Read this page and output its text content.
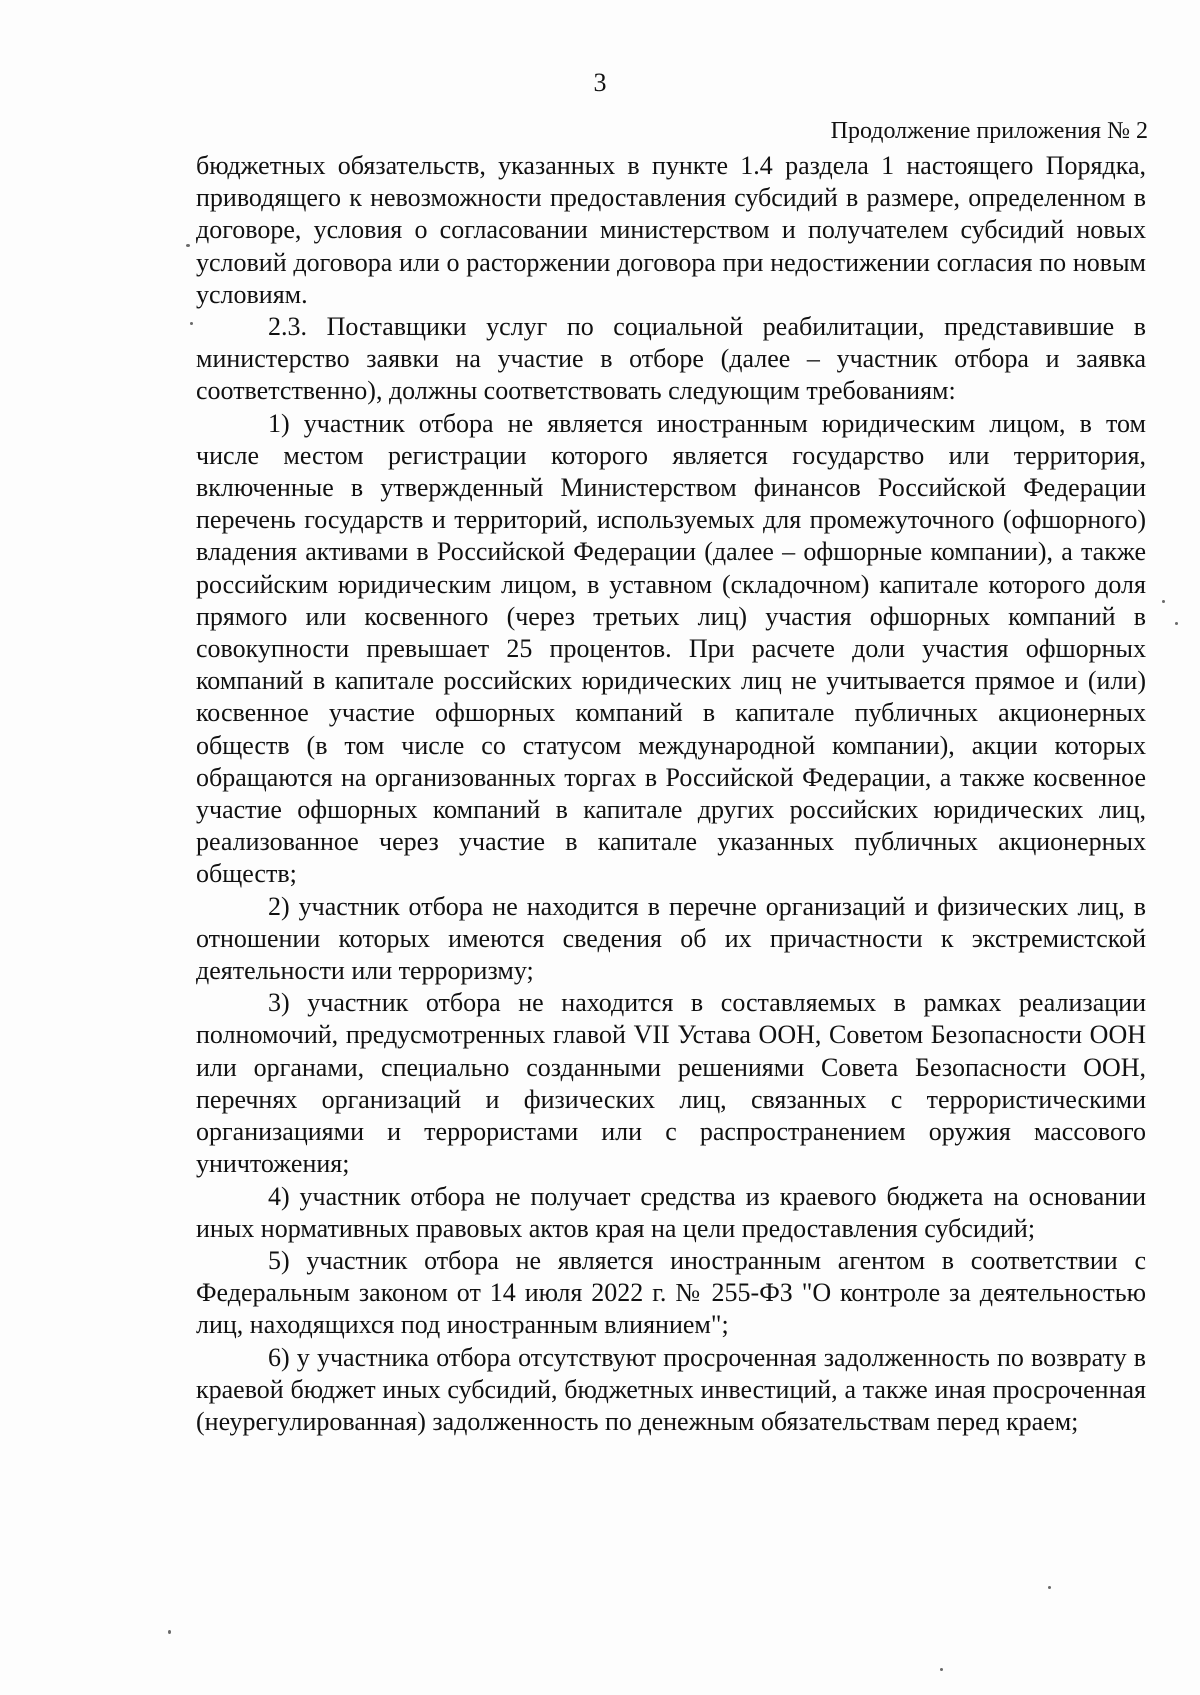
3
Продолжение приложения № 2

бюджетных обязательств, указанных в пункте 1.4 раздела 1 настоящего Порядка, приводящего к невозможности предоставления субсидий в размере, определенном в договоре, условия о согласовании министерством и получателем субсидий новых условий договора или о расторжении договора при недостижении согласия по новым условиям.

2.3. Поставщики услуг по социальной реабилитации, представившие в министерство заявки на участие в отборе (далее – участник отбора и заявка соответственно), должны соответствовать следующим требованиям:

1) участник отбора не является иностранным юридическим лицом, в том числе местом регистрации которого является государство или территория, включенные в утвержденный Министерством финансов Российской Федерации перечень государств и территорий, используемых для промежуточного (офшорного) владения активами в Российской Федерации (далее – офшорные компании), а также российским юридическим лицом, в уставном (складочном) капитале которого доля прямого или косвенного (через третьих лиц) участия офшорных компаний в совокупности превышает 25 процентов. При расчете доли участия офшорных компаний в капитале российских юридических лиц не учитывается прямое и (или) косвенное участие офшорных компаний в капитале публичных акционерных обществ (в том числе со статусом международной компании), акции которых обращаются на организованных торгах в Российской Федерации, а также косвенное участие офшорных компаний в капитале других российских юридических лиц, реализованное через участие в капитале указанных публичных акционерных обществ;

2) участник отбора не находится в перечне организаций и физических лиц, в отношении которых имеются сведения об их причастности к экстремистской деятельности или терроризму;

3) участник отбора не находится в составляемых в рамках реализации полномочий, предусмотренных главой VII Устава ООН, Советом Безопасности ООН или органами, специально созданными решениями Совета Безопасности ООН, перечнях организаций и физических лиц, связанных с террористическими организациями и террористами или с распространением оружия массового уничтожения;

4) участник отбора не получает средства из краевого бюджета на основании иных нормативных правовых актов края на цели предоставления субсидий;

5) участник отбора не является иностранным агентом в соответствии с Федеральным законом от 14 июля 2022 г. № 255-ФЗ "О контроле за деятельностью лиц, находящихся под иностранным влиянием";

6) у участника отбора отсутствуют просроченная задолженность по возврату в краевой бюджет иных субсидий, бюджетных инвестиций, а также иная просроченная (неурегулированная) задолженность по денежным обязательствам перед краем;
